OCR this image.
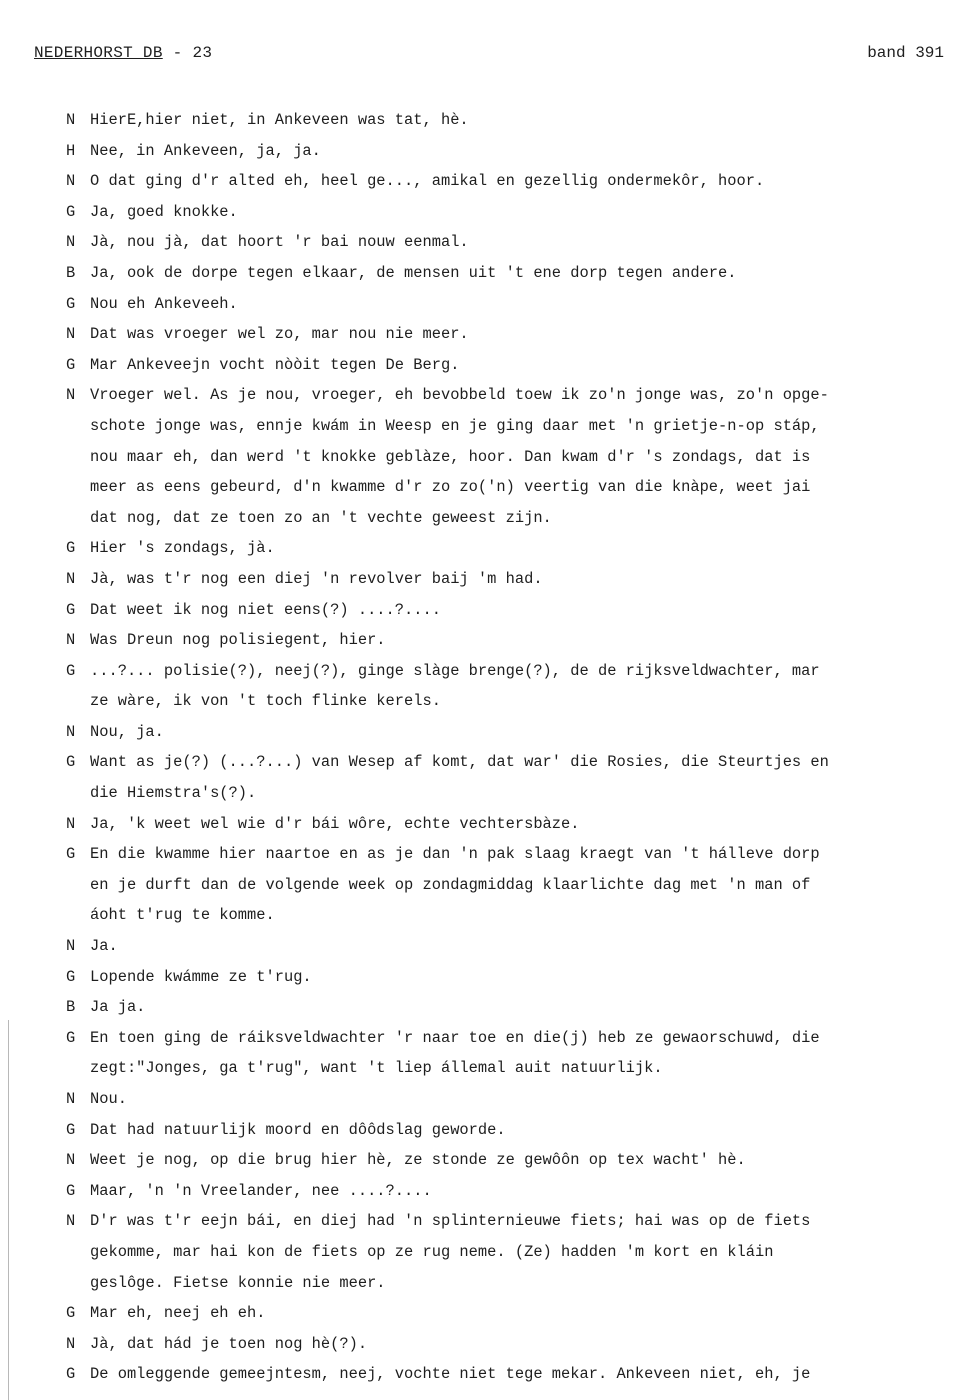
NEDERHORST DB - 23	band 391
N HierE,hier niet, in Ankeveen was tat, hè.
H Nee, in Ankeveen, ja, ja.
N O dat ging d'r alted eh, heel ge..., amikal en gezellig ondermekôr, hoor.
G Ja, goed knokke.
N Jà, nou jà, dat hoort 'r bai nouw eenmal.
B Ja, ook de dorpe tegen elkaar, de mensen uit 't ene dorp tegen andere.
G Nou eh Ankeveeh.
N Dat was vroeger wel zo, mar nou nie meer.
G Mar Ankeveejn vocht nòòit tegen De Berg.
N Vroeger wel. As je nou, vroeger, eh bevobbeld toew ik zo'n jonge was, zo'n opge-
schote jonge was, ennje kwám in Weesp en je ging daar met 'n grietje-n-op stáp,
nou maar eh, dan werd 't knokke geblàze, hoor. Dan kwam d'r 's zondags, dat is
meer as eens gebeurd, d'n kwamme d'r zo zo('n) veertig van die knàpe, weet jai
dat nog, dat ze toen zo an 't vechte geweest zijn.
G Hier 's zondags, jà.
N Jà, was t'r nog een diej 'n revolver baij 'm had.
G Dat weet ik nog niet eens(?) ....?....
N Was Dreun nog polisiegent, hier.
G ...?... polisie(?), neej(?), ginge slàge brenge(?), de de rijksveldwachter, mar
ze wàre, ik von 't toch flinke kerels.
N Nou, ja.
G Want as je(?) (...?...) van Wesep af komt, dat war' die Rosies, die Steurtjes en
die Hiemstra's(?).
N Ja, 'k weet wel wie d'r bái wôre, echte vechtersbàze.
G En die kwamme hier naartoe en as je dan 'n pak slaag kraegt van 't hálleve dorp
en je durft dan de volgende week op zondagmiddag klaarlichte dag met 'n man of
áoht t'rug te komme.
N Ja.
G Lopende kwámme ze t'rug.
B Ja ja.
G En toen ging de ráiksveldwachter 'r naar toe en die(j) heb ze gewaorschuwd, die
zegt:"Jonges, ga t'rug", want 't liep állemal auit natuurlijk.
N Nou.
G Dat had natuurlijk moord en dôôdslag geworde.
N Weet je nog, op die brug hier hè, ze stonde ze gewôôn op tex wacht' hè.
G Maar, 'n 'n Vreelander, nee ....?....
N D'r was t'r eejn bái, en diej had 'n splinternieuwe fiets; hai was op de fiets
gekomme, mar hai kon de fiets op ze rug neme. (Ze) hadden 'm kort en kláin
geslôge. Fietse konnie nie meer.
G Mar eh, neej eh eh.
N Jà, dat hád je toen nog hè(?).
G De omleggende gemeejntesm, neej, vochte niet tege mekar. Ankeveen niet, eh, je
